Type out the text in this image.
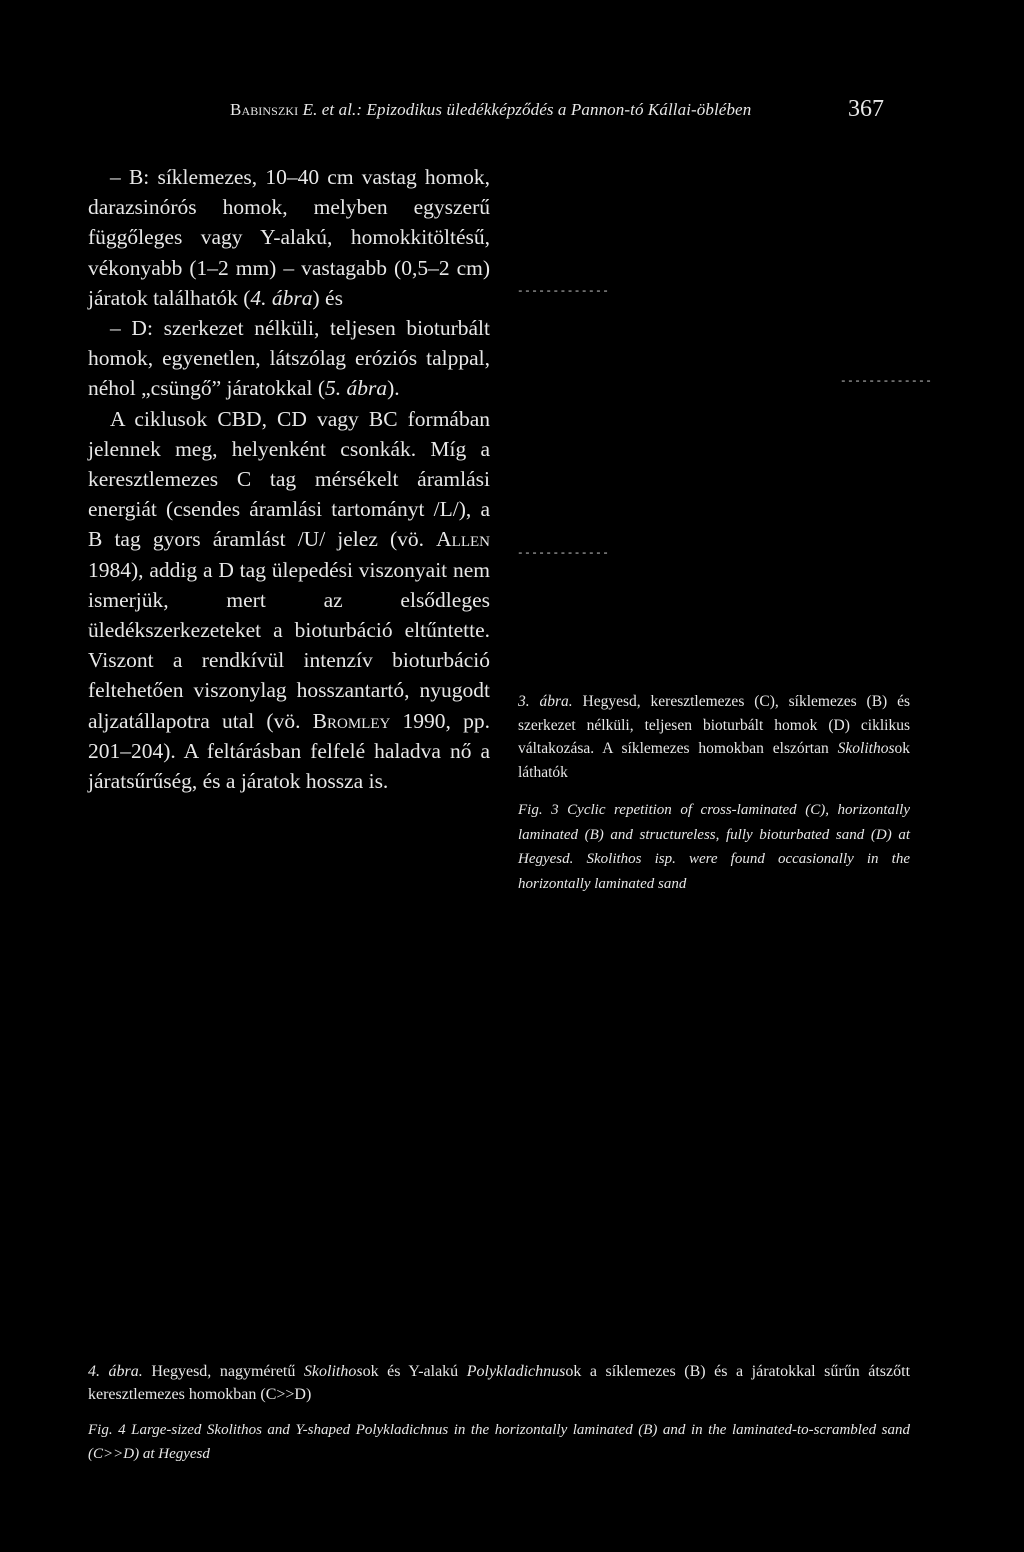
Babinszki E. et al.: Epizodikus üledékképződés a Pannon-tó Kállai-öblében	367

– B: síklemezes, 10–40 cm vastag homok, darazsinórós homok, melyben egyszerű függőleges vagy Y-alakú, homokkitöltésű, vékonyabb (1–2 mm) – vastagabb (0,5–2 cm) járatok találhatók (4. ábra) és

– D: szerkezet nélküli, teljesen bioturbált homok, egyenetlen, látszólag eróziós talppal, néhol „csüngő” járatokkal (5. ábra).

A ciklusok CBD, CD vagy BC formában jelennek meg, helyenként csonkák. Míg a keresztlemezes C tag mérsékelt áramlási energiát (csendes áramlási tartományt /L/), a B tag gyors áramlást /U/ jelez (vö. Allen 1984), addig a D tag ülepedési viszonyait nem ismerjük, mert az elsődleges üledékszerkezeteket a bioturbáció eltűntette. Viszont a rendkívül intenzív bioturbáció feltehetően viszonylag hosszantartó, nyugodt aljzatállapotra utal (vö. Bromley 1990, pp. 201–204). A feltárásban felfelé haladva nő a járatsűrűség, és a járatok hossza is.

-------------
-------------
-------------
3. ábra. Hegyesd, keresztlemezes (C), síklemezes (B) és szerkezet nélküli, teljesen bioturbált homok (D) ciklikus váltakozása. A síklemezes homokban elszórtan Skolithosok láthatók
Fig. 3 Cyclic repetition of cross-laminated (C), horizontally laminated (B) and structureless, fully bioturbated sand (D) at Hegyesd. Skolithos isp. were found occasionally in the horizontally laminated sand
4. ábra. Hegyesd, nagyméretű Skolithosok és Y-alakú Polykladichnusok a síklemezes (B) és a járatokkal sűrűn átszőtt keresztlemezes homokban (C>>D)
Fig. 4 Large-sized Skolithos and Y-shaped Polykladichnus in the horizontally laminated (B) and in the laminated-to-scrambled sand (C>>D) at Hegyesd
